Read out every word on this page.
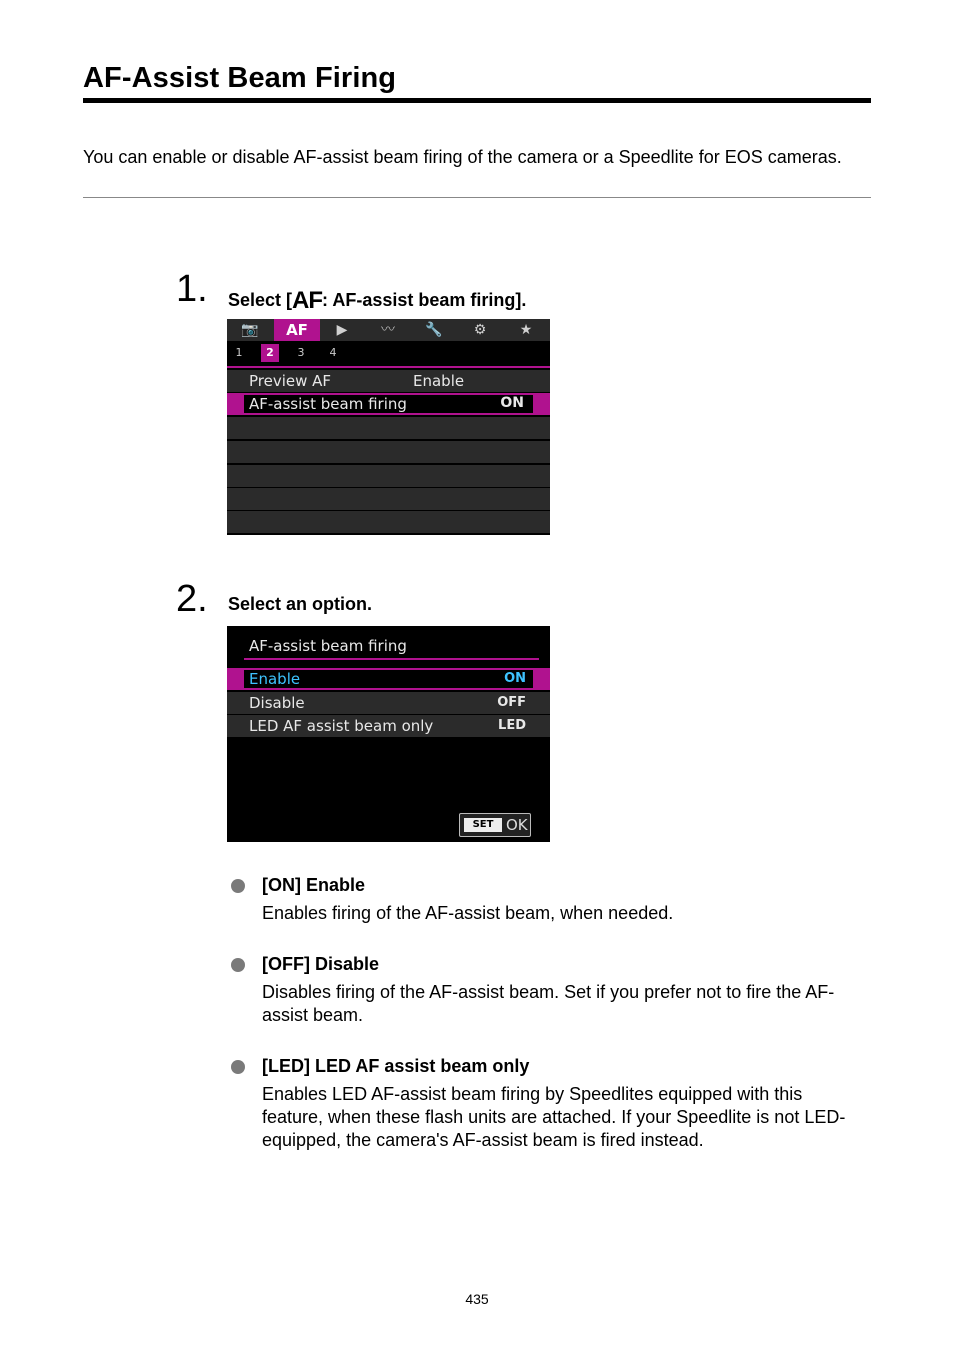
AF-Assist Beam Firing
You can enable or disable AF-assist beam firing of the camera or a Speedlite for EOS cameras.
1. Select [AF: AF-assist beam firing].
📷	AF	▶	〰	🔧	⚙	★
1	2	3	4
Preview AF	Enable
AF-assist beam firing	ON
2. Select an option.
AF-assist beam firing
Enable	ON
Disable	OFF
LED AF assist beam only	LED
SET OK
[ON] Enable
Enables firing of the AF-assist beam, when needed.
[OFF] Disable
Disables firing of the AF-assist beam. Set if you prefer not to fire the AF-assist beam.
[LED] LED AF assist beam only
Enables LED AF-assist beam firing by Speedlites equipped with this feature, when these flash units are attached. If your Speedlite is not LED-equipped, the camera's AF-assist beam is fired instead.
435
